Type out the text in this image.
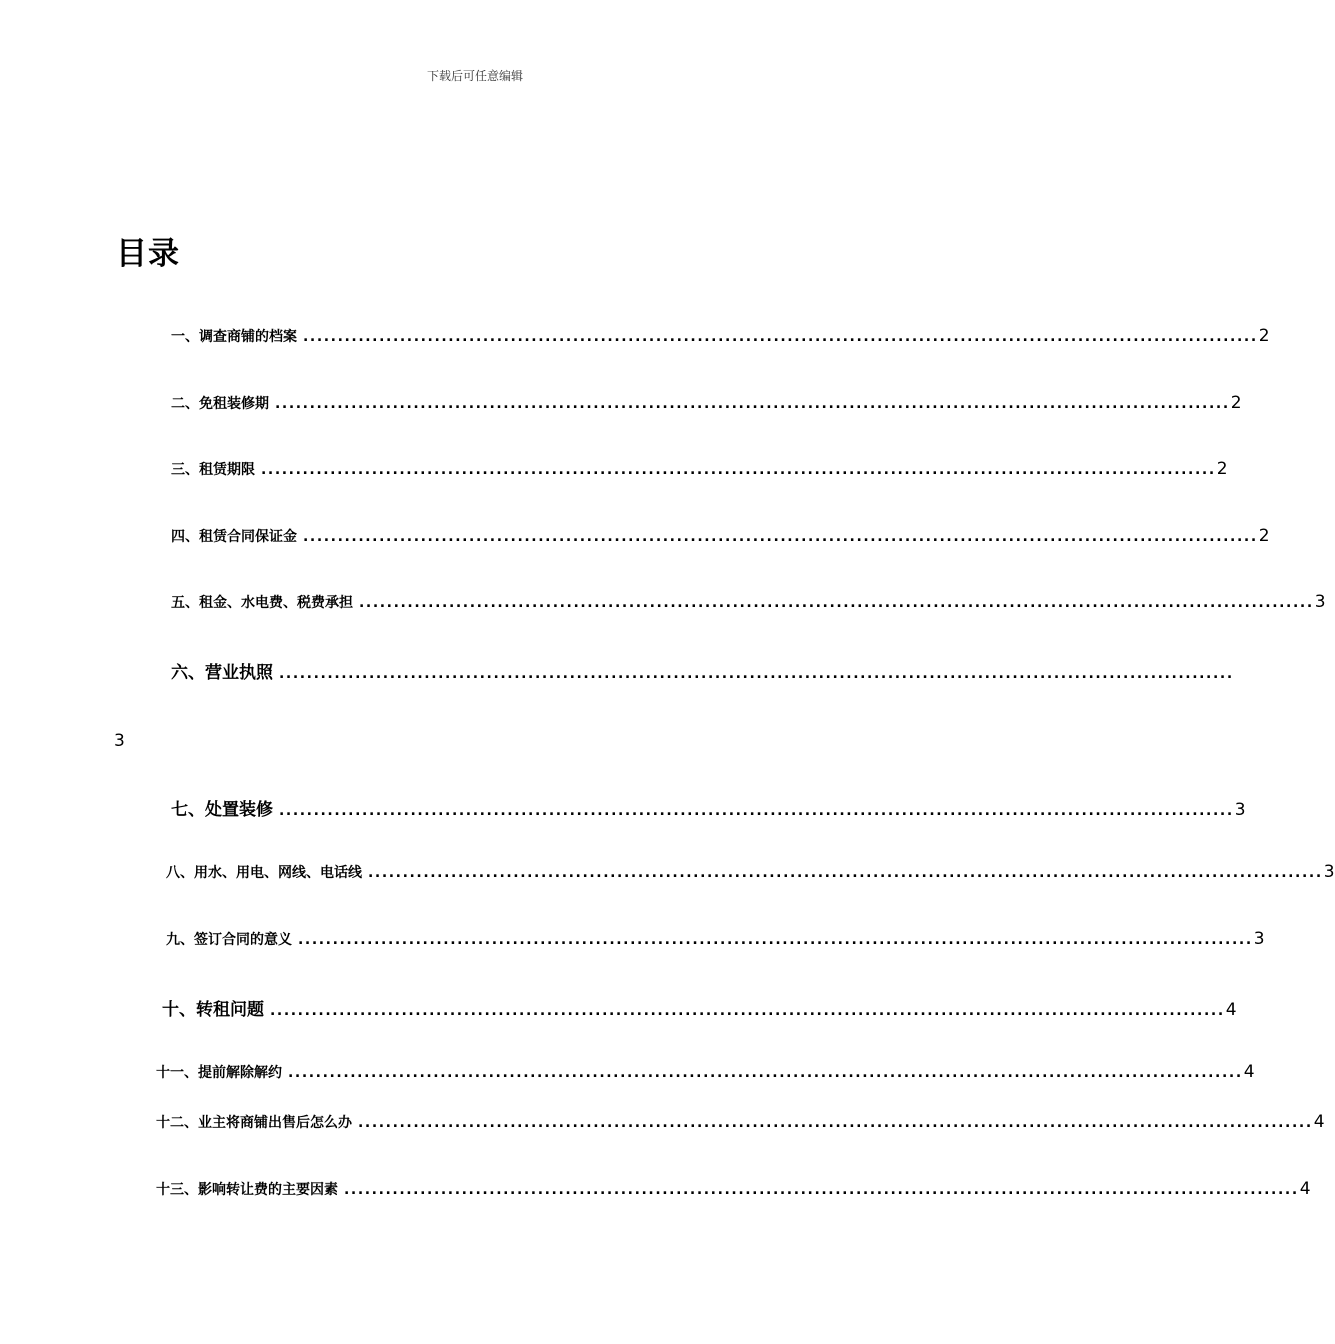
下载后可任意编辑
目录
一、调查商铺的档案 .......................................................................................................................................... 2
二、免租装修期 .......................................................................................................................................... 2
三、租赁期限 .......................................................................................................................................... 2
四、租赁合同保证金 .......................................................................................................................................... 2
五、租金、水电费、税费承担 .......................................................................................................................................... 3
六、营业执照 ..........................................................................................................................................
3
七、处置装修 .......................................................................................................................................... 3
八、用水、用电、网线、电话线 .......................................................................................................................................... 3
九、签订合同的意义 .......................................................................................................................................... 3
十、转租问题 .......................................................................................................................................... 4
十一、提前解除解约 .......................................................................................................................................... 4
十二、业主将商铺出售后怎么办 .......................................................................................................................................... 4
十三、影响转让费的主要因素 .......................................................................................................................................... 4
